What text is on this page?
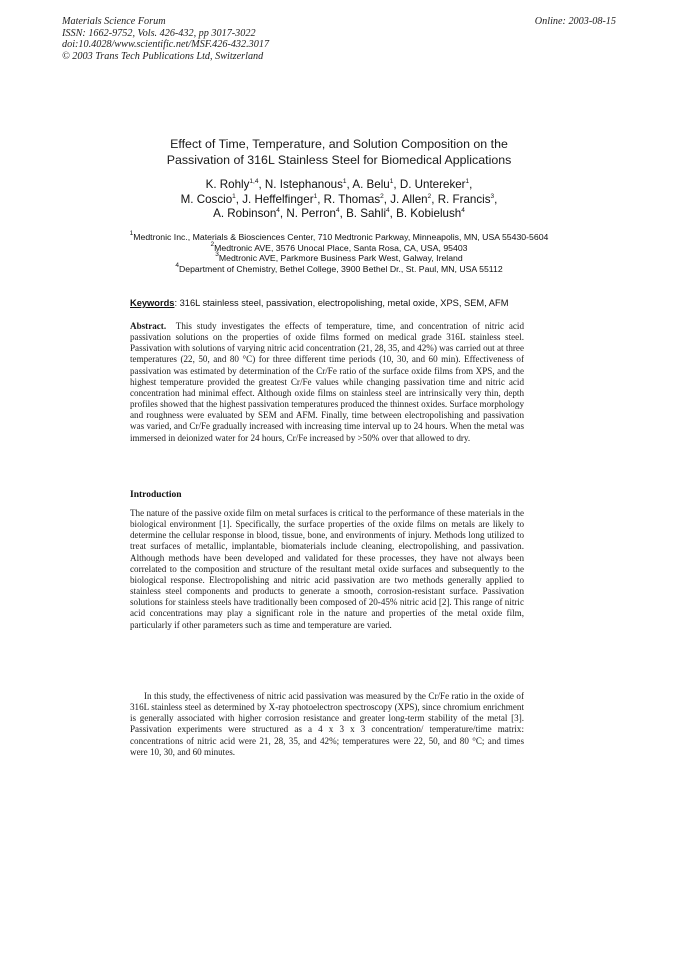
Materials Science Forum
ISSN: 1662-9752, Vols. 426-432, pp 3017-3022
doi:10.4028/www.scientific.net/MSF.426-432.3017
© 2003 Trans Tech Publications Ltd, Switzerland
Online: 2003-08-15
Effect of Time, Temperature, and Solution Composition on the
Passivation of 316L Stainless Steel for Biomedical Applications
K. Rohly$^{1,4}$, N. Istephanous$^1$, A. Belu$^1$, D. Untereker$^1$,
M. Coscio$^1$, J. Heffelfinger$^1$, R. Thomas$^2$, J. Allen$^2$, R. Francis$^3$,
A. Robinson$^4$, N. Perron$^4$, B. Sahli$^4$, B. Kobielush$^4$
$^1$Medtronic Inc., Materials & Biosciences Center, 710 Medtronic Parkway, Minneapolis, MN, USA 55430-5604
$^2$Medtronic AVE, 3576 Unocal Place, Santa Rosa, CA, USA, 95403
$^3$Medtronic AVE, Parkmore Business Park West, Galway, Ireland
$^4$Department of Chemistry, Bethel College, 3900 Bethel Dr., St. Paul, MN, USA 55112
Keywords: 316L stainless steel, passivation, electropolishing, metal oxide, XPS, SEM, AFM

Abstract. This study investigates the effects of temperature, time, and concentration of nitric acid passivation solutions on the properties of oxide films formed on medical grade 316L stainless steel. Passivation with solutions of varying nitric acid concentration (21, 28, 35, and 42%) was carried out at three temperatures (22, 50, and 80 °C) for three different time periods (10, 30, and 60 min). Effectiveness of passivation was estimated by determination of the Cr/Fe ratio of the surface oxide films from XPS, and the highest temperature provided the greatest Cr/Fe values while changing passivation time and nitric acid concentration had minimal effect. Although oxide films on stainless steel are intrinsically very thin, depth profiles showed that the highest passivation temperatures produced the thinnest oxides. Surface morphology and roughness were evaluated by SEM and AFM. Finally, time between electropolishing and passivation was varied, and Cr/Fe gradually increased with increasing time interval up to 24 hours. When the metal was immersed in deionized water for 24 hours, Cr/Fe increased by >50% over that allowed to dry.

Introduction

The nature of the passive oxide film on metal surfaces is critical to the performance of these materials in the biological environment [1]. Specifically, the surface properties of the oxide films on metals are likely to determine the cellular response in blood, tissue, bone, and environments of injury. Methods long utilized to treat surfaces of metallic, implantable, biomaterials include cleaning, electropolishing, and passivation. Although methods have been developed and validated for these processes, they have not always been correlated to the composition and structure of the resultant metal oxide surfaces and subsequently to the biological response. Electropolishing and nitric acid passivation are two methods generally applied to stainless steel components and products to generate a smooth, corrosion-resistant surface. Passivation solutions for stainless steels have traditionally been composed of 20-45% nitric acid [2]. This range of nitric acid concentrations may play a significant role in the nature and properties of the metal oxide film, particularly if other parameters such as time and temperature are varied.

In this study, the effectiveness of nitric acid passivation was measured by the Cr/Fe ratio in the oxide of 316L stainless steel as determined by X-ray photoelectron spectroscopy (XPS), since chromium enrichment is generally associated with higher corrosion resistance and greater long-term stability of the metal [3]. Passivation experiments were structured as a 4 x 3 x 3 concentration/ temperature/time matrix: concentrations of nitric acid were 21, 28, 35, and 42%; temperatures were 22, 50, and 80 °C; and times were 10, 30, and 60 minutes.
